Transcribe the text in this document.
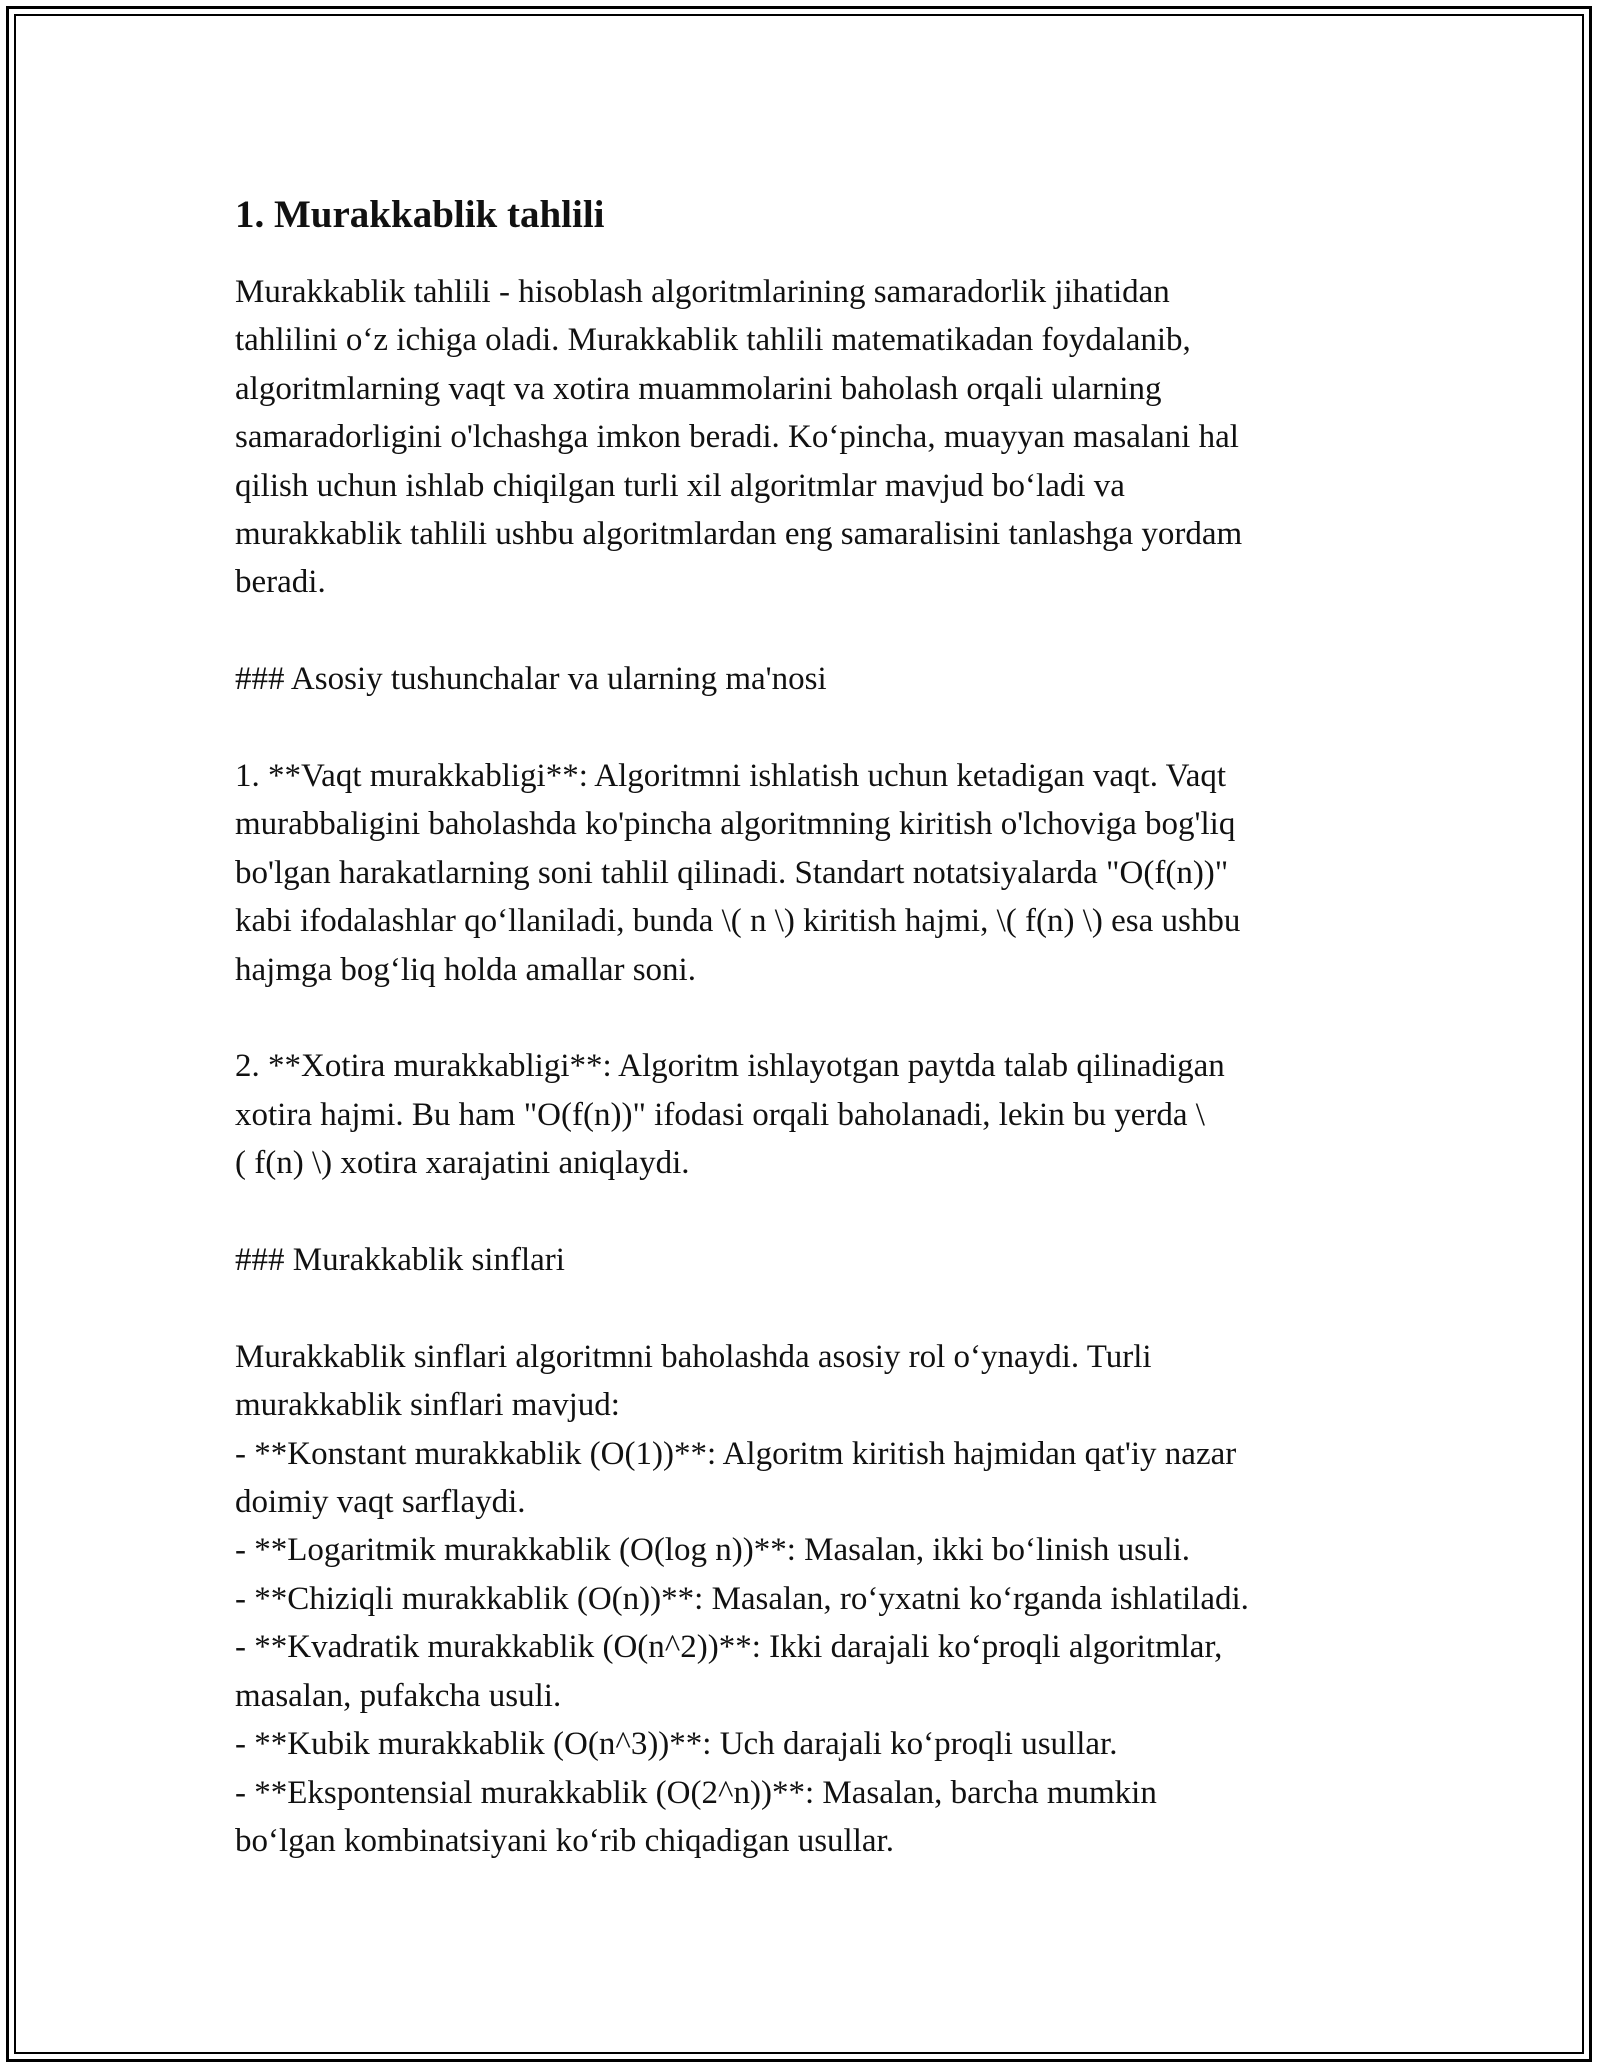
1. Murakkablik tahlili

Murakkablik tahlili - hisoblash algoritmlarining samaradorlik jihatidan

tahlilini o‘z ichiga oladi. Murakkablik tahlili matematikadan foydalanib,

algoritmlarning vaqt va xotira muammolarini baholash orqali ularning

samaradorligini o'lchashga imkon beradi. Ko‘pincha, muayyan masalani hal

qilish uchun ishlab chiqilgan turli xil algoritmlar mavjud bo‘ladi va

murakkablik tahlili ushbu algoritmlardan eng samaralisini tanlashga yordam

beradi.

### Asosiy tushunchalar va ularning ma'nosi

1. **Vaqt murakkabligi**: Algoritmni ishlatish uchun ketadigan vaqt. Vaqt

murabbaligini baholashda ko'pincha algoritmning kiritish o'lchoviga bog'liq

bo'lgan harakatlarning soni tahlil qilinadi. Standart notatsiyalarda "O(f(n))"

kabi ifodalashlar qo‘llaniladi, bunda \( n \) kiritish hajmi, \( f(n) \) esa ushbu

hajmga bog‘liq holda amallar soni.

2. **Xotira murakkabligi**: Algoritm ishlayotgan paytda talab qilinadigan

xotira hajmi. Bu ham "O(f(n))" ifodasi orqali baholanadi, lekin bu yerda \

( f(n) \) xotira xarajatini aniqlaydi.

### Murakkablik sinflari

Murakkablik sinflari algoritmni baholashda asosiy rol o‘ynaydi. Turli

murakkablik sinflari mavjud:

- **Konstant murakkablik (O(1))**: Algoritm kiritish hajmidan qat'iy nazar

doimiy vaqt sarflaydi.

- **Logaritmik murakkablik (O(log n))**: Masalan, ikki bo‘linish usuli.

- **Chiziqli murakkablik (O(n))**: Masalan, ro‘yxatni ko‘rganda ishlatiladi.

- **Kvadratik murakkablik (O(n^2))**: Ikki darajali ko‘proqli algoritmlar,

masalan, pufakcha usuli.

- **Kubik murakkablik (O(n^3))**: Uch darajali ko‘proqli usullar.

- **Ekspontensial murakkablik (O(2^n))**: Masalan, barcha mumkin

bo‘lgan kombinatsiyani ko‘rib chiqadigan usullar.
